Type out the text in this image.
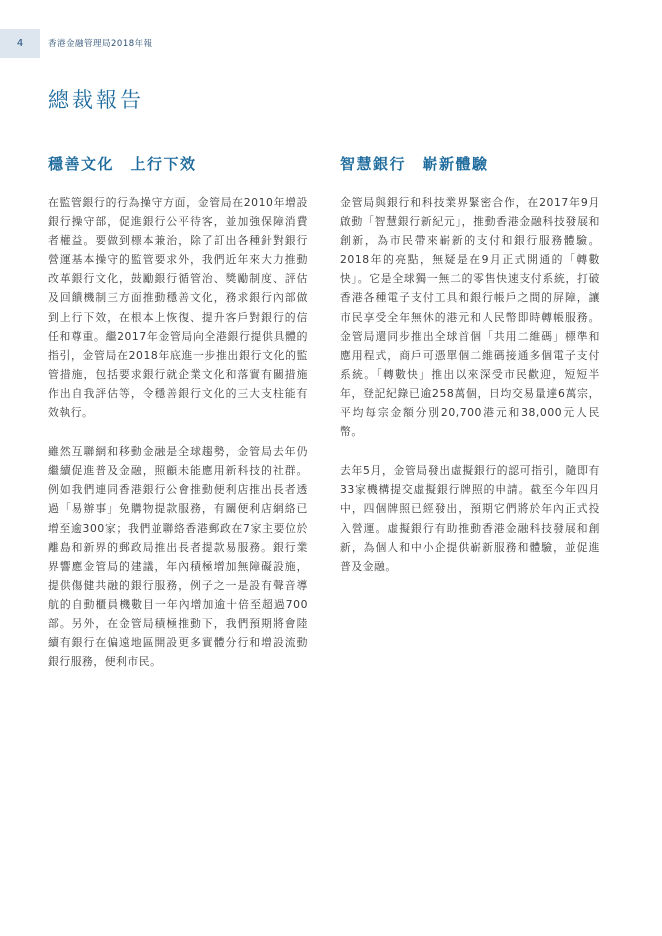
4	香港金融管理局2018年報
總裁報告
穩善文化　上行下效

在監管銀行的行為操守方面，金管局在2010年增設銀行操守部，促進銀行公平待客，並加強保障消費者權益。要做到標本兼治，除了訂出各種針對銀行營運基本操守的監管要求外，我們近年來大力推動改革銀行文化，鼓勵銀行循管治、獎勵制度、評估及回饋機制三方面推動穩善文化，務求銀行內部做到上行下效，在根本上恢復、提升客戶對銀行的信任和尊重。繼2017年金管局向全港銀行提供具體的指引，金管局在2018年底進一步推出銀行文化的監管措施，包括要求銀行就企業文化和落實有關措施作出自我評估等，令穩善銀行文化的三大支柱能有效執行。

雖然互聯網和移動金融是全球趨勢，金管局去年仍繼續促進普及金融，照顧未能應用新科技的社群。例如我們連同香港銀行公會推動便利店推出長者透過「易辦事」免購物提款服務，有關便利店網絡已增至逾300家；我們並聯絡香港郵政在7家主要位於離島和新界的郵政局推出長者提款易服務。銀行業界響應金管局的建議，年內積極增加無障礙設施，提供傷健共融的銀行服務，例子之一是設有聲音導航的自動櫃員機數目一年內增加逾十倍至超過700部。另外，在金管局積極推動下，我們預期將會陸續有銀行在偏遠地區開設更多實體分行和增設流動銀行服務，便利市民。

智慧銀行　嶄新體驗

金管局與銀行和科技業界緊密合作，在2017年9月啟動「智慧銀行新紀元」，推動香港金融科技發展和創新，為市民帶來嶄新的支付和銀行服務體驗。2018年的亮點，無疑是在9月正式開通的「轉數快」。它是全球獨一無二的零售快速支付系統，打破香港各種電子支付工具和銀行帳戶之間的屏障，讓市民享受全年無休的港元和人民幣即時轉帳服務。金管局還同步推出全球首個「共用二維碼」標準和應用程式，商戶可憑單個二維碼接通多個電子支付系統。「轉數快」推出以來深受市民歡迎，短短半年，登記紀錄已逾258萬個，日均交易量達6萬宗，平均每宗金額分別20,700港元和38,000元人民幣。

去年5月，金管局發出虛擬銀行的認可指引，隨即有33家機構提交虛擬銀行牌照的申請。截至今年四月中，四個牌照已經發出，預期它們將於年內正式投入營運。虛擬銀行有助推動香港金融科技發展和創新，為個人和中小企提供嶄新服務和體驗，並促進普及金融。
